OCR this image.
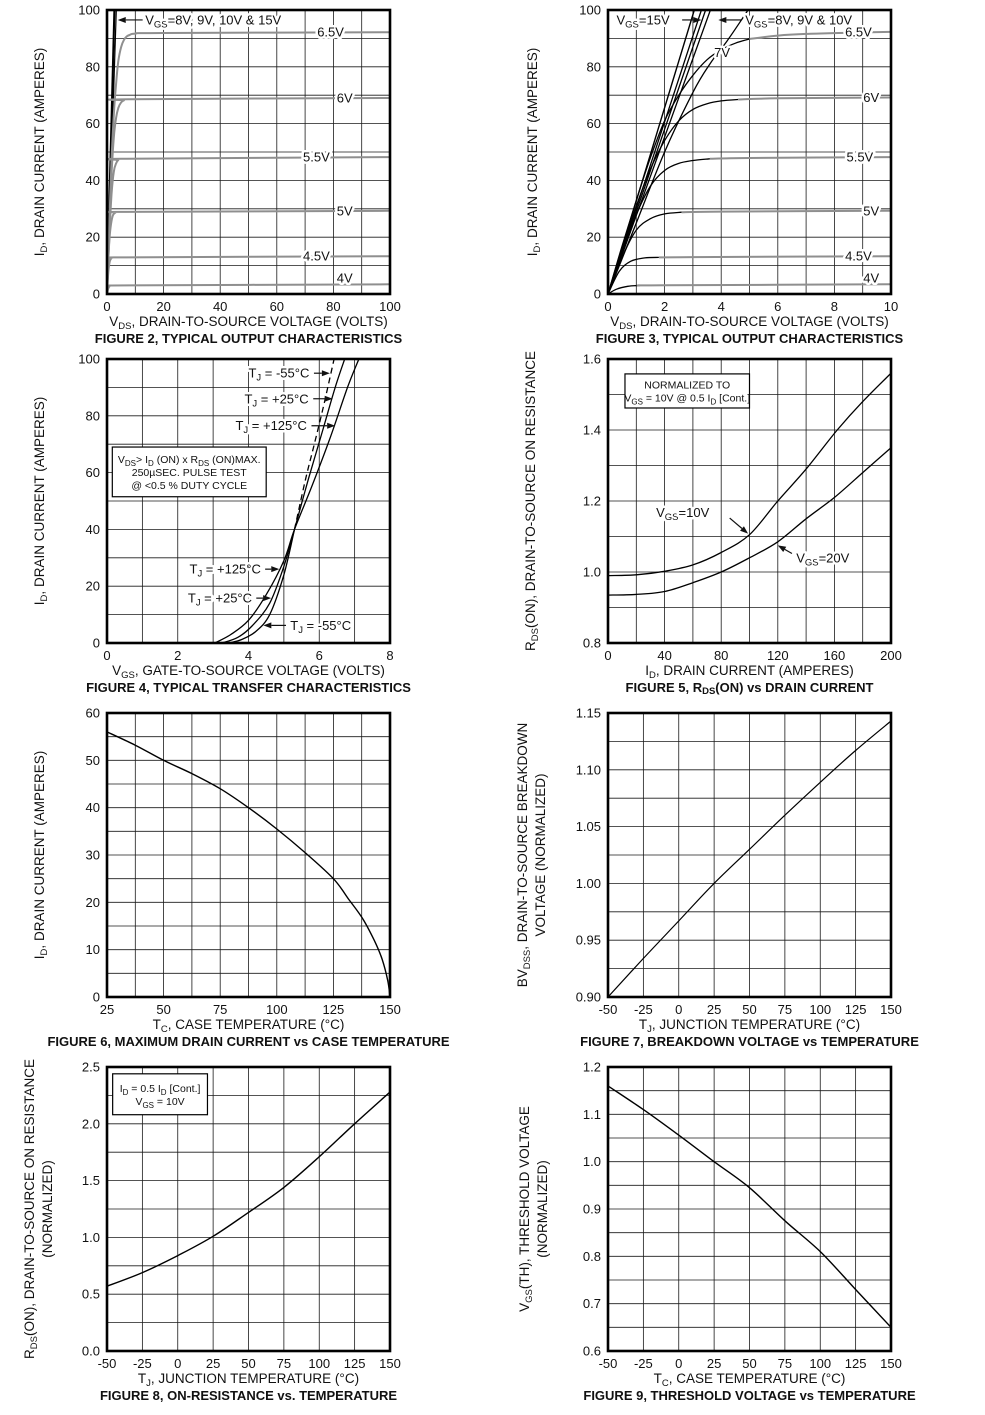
$V_{GS}=8V$, 9V, 10V & 15V
6.5V
6V
5.5V
5V
4.5V
4V
0	20	40	60	80	100
0
20
40
60
80
100
$V_{DS}$, DRAIN-TO-SOURCE VOLTAGE (VOLTS)
$I_D$, DRAIN CURRENT (AMPERES)
FIGURE 2, TYPICAL OUTPUT CHARACTERISTICS
$V_{GS}=15V$	$V_{GS}=8V$, 9V & 10V
7V
6.5V
6V
5.5V
5V
4.5V
4V
0	2	4	6	8	10
0
20
40
60
80
100
$V_{DS}$, DRAIN-TO-SOURCE VOLTAGE (VOLTS)
$I_D$, DRAIN CURRENT (AMPERES)
FIGURE 3, TYPICAL OUTPUT CHARACTERISTICS
$V_{DS}> I_D$ (ON) x $R_{DS}$ (ON)MAX.
250µSEC. PULSE TEST
@ <0.5 % DUTY CYCLE
$T_J = -55^\circ C$
$T_J = +25^\circ C$
$T_J = +125^\circ C$
$T_J = +125^\circ C$
$T_J = +25^\circ C$
$T_J = -55^\circ C$
0	2	4	6	8
0
20
40
60
80
100
$V_{GS}$, GATE-TO-SOURCE VOLTAGE (VOLTS)
$I_D$, DRAIN CURRENT (AMPERES)
FIGURE 4, TYPICAL TRANSFER CHARACTERISTICS
NORMALIZED TO
$V_{GS} = 10V$ @ 0.5 $I_D$ [Cont.]
$V_{GS}=10V$
$V_{GS}=20V$
0	40	80	120	160	200
0.8
1.0
1.2
1.4
1.6
$I_D$, DRAIN CURRENT (AMPERES)
$R_{DS}(ON)$, DRAIN-TO-SOURCE ON RESISTANCE
FIGURE 5, $R_{DS}(ON)$ vs DRAIN CURRENT
25	50	75	100	125	150
0
10
20
30
40
50
60
$T_C$, CASE TEMPERATURE (°C)
$I_D$, DRAIN CURRENT (AMPERES)
FIGURE 6, MAXIMUM DRAIN CURRENT vs CASE TEMPERATURE
-50 -25 0 25 50 75 100 125 150
0.90
0.95
1.00
1.05
1.10
1.15
$T_J$, JUNCTION TEMPERATURE (°C)
$BV_{DSS}$, DRAIN-TO-SOURCE BREAKDOWN VOLTAGE (NORMALIZED)
FIGURE 7, BREAKDOWN VOLTAGE vs TEMPERATURE
$I_D = 0.5$ $I_D$ [Cont.]
$V_{GS} = 10V$
-50 -25 0 25 50 75 100 125 150
0.0
0.5
1.0
1.5
2.0
2.5
$T_J$, JUNCTION TEMPERATURE (°C)
$R_{DS}(ON)$, DRAIN-TO-SOURCE ON RESISTANCE (NORMALIZED)
FIGURE 8, ON-RESISTANCE vs. TEMPERATURE
-50 -25 0 25 50 75 100 125 150
0.6
0.7
0.8
0.9
1.0
1.1
1.2
$T_C$, CASE TEMPERATURE (°C)
$V_{GS}(TH)$, THRESHOLD VOLTAGE (NORMALIZED)
FIGURE 9, THRESHOLD VOLTAGE vs TEMPERATURE
